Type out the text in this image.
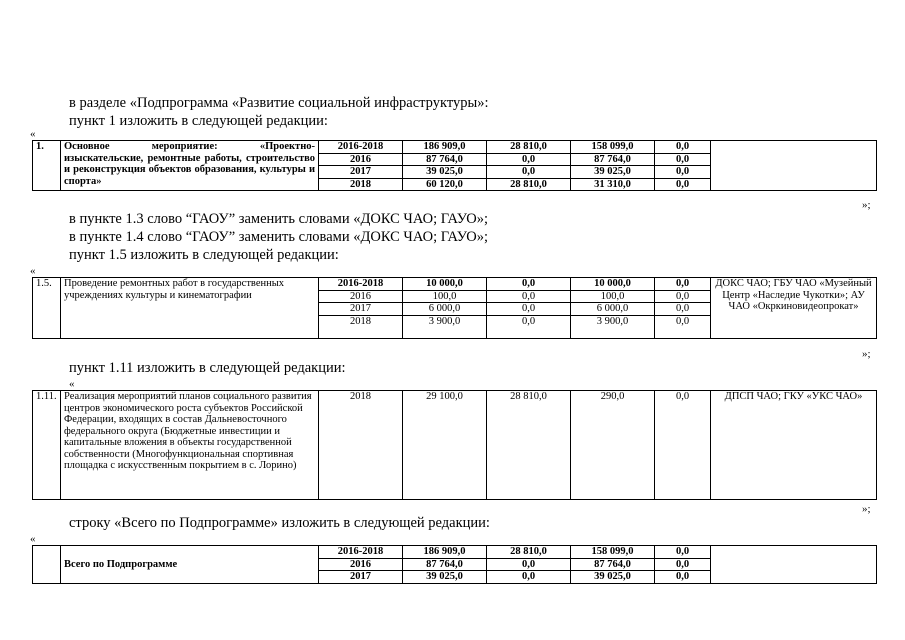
в разделе «Подпрограмма «Развитие социальной инфраструктуры»:
пункт 1 изложить в следующей редакции:
«
1.	Основное мероприятие: «Проектно-изыскательские, ремонтные работы, строительство и реконструкция объектов образования, культуры и спорта»	2016-2018	186 909,0	28 810,0	158 099,0	0,0	
		2016	87 764,0	0,0	87 764,0	0,0	
		2017	39 025,0	0,0	39 025,0	0,0	
		2018	60 120,0	28 810,0	31 310,0	0,0	
»;
в пункте 1.3 слово “ГАОУ” заменить словами «ДОКС ЧАО; ГАУО»;
в пункте 1.4 слово “ГАОУ” заменить словами «ДОКС ЧАО; ГАУО»;
пункт 1.5 изложить в следующей редакции:
«
1.5.	Проведение ремонтных работ в государственных учреждениях культуры и кинематографии	2016-2018	10 000,0	0,0	10 000,0	0,0	ДОКС ЧАО; ГБУ ЧАО «Музейный Центр «Наследие Чукотки»; АУ ЧАО «Окркиновидеопрокат»
		2016	100,0	0,0	100,0	0,0	
		2017	6 000,0	0,0	6 000,0	0,0	
		2018	3 900,0	0,0	3 900,0	0,0	
»;
пункт 1.11 изложить в следующей редакции:
«
1.11.	Реализация мероприятий планов социального развития центров экономического роста субъектов Российской Федерации, входящих в состав Дальневосточного федерального округа (Бюджетные инвестиции и капитальные вложения в объекты государственной собственности (Многофункциональная спортивная площадка с искусственным покрытием в с. Лорино)	2018	29 100,0	28 810,0	290,0	0,0	ДПСП ЧАО; ГКУ «УКС ЧАО»
»;
строку «Всего по Подпрограмме» изложить в следующей редакции:
«
	Всего по Подпрограмме	2016-2018	186 909,0	28 810,0	158 099,0	0,0	
		2016	87 764,0	0,0	87 764,0	0,0	
		2017	39 025,0	0,0	39 025,0	0,0	
